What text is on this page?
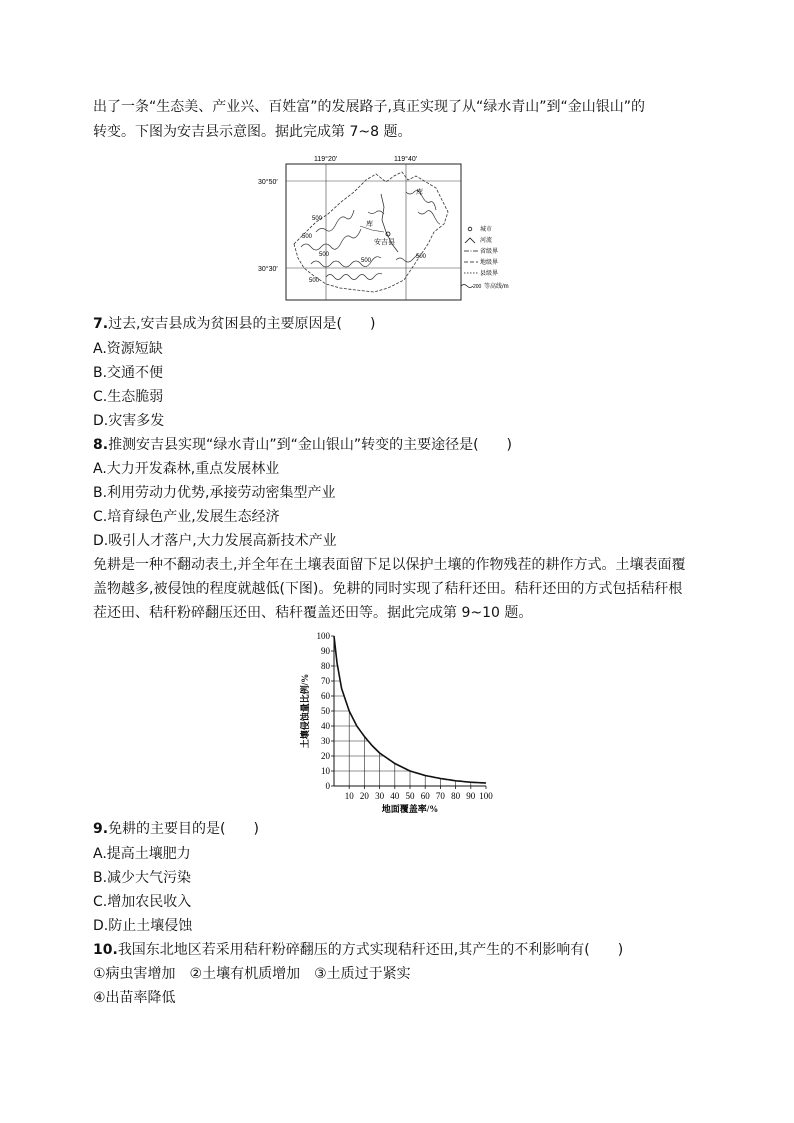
出了一条“生态美、产业兴、百姓富”的发展路子,真正实现了从“绿水青山”到“金山银山”的
转变。下图为安吉县示意图。据此完成第 7~8 题。
119°20′	119°40′
30°50′
30°30′
500
500
500
500
500
500
库
库
安吉县
城市
河流
省级界
地级界
县级界
200 等高线/m
7.过去,安吉县成为贫困县的主要原因是(　　)
A.资源短缺
B.交通不便
C.生态脆弱
D.灾害多发
8.推测安吉县实现“绿水青山”到“金山银山”转变的主要途径是(　　)
A.大力开发森林,重点发展林业
B.利用劳动力优势,承接劳动密集型产业
C.培育绿色产业,发展生态经济
D.吸引人才落户,大力发展高新技术产业
免耕是一种不翻动表土,并全年在土壤表面留下足以保护土壤的作物残茬的耕作方式。土壤表面覆
盖物越多,被侵蚀的程度就越低(下图)。免耕的同时实现了秸秆还田。秸秆还田的方式包括秸秆根
茬还田、秸秆粉碎翻压还田、秸秆覆盖还田等。据此完成第 9~10 题。
0
10
20
30
40
50
60
70
80
90
100
10 20 30 40 50 60 70 80 90 100
地面覆盖率/%
土壤侵蚀量比例/%
9.免耕的主要目的是(　　)
A.提高土壤肥力
B.减少大气污染
C.增加农民收入
D.防止土壤侵蚀
10.我国东北地区若采用秸秆粉碎翻压的方式实现秸秆还田,其产生的不利影响有(　　)
①病虫害增加　②土壤有机质增加　③土质过于紧实
④出苗率降低
